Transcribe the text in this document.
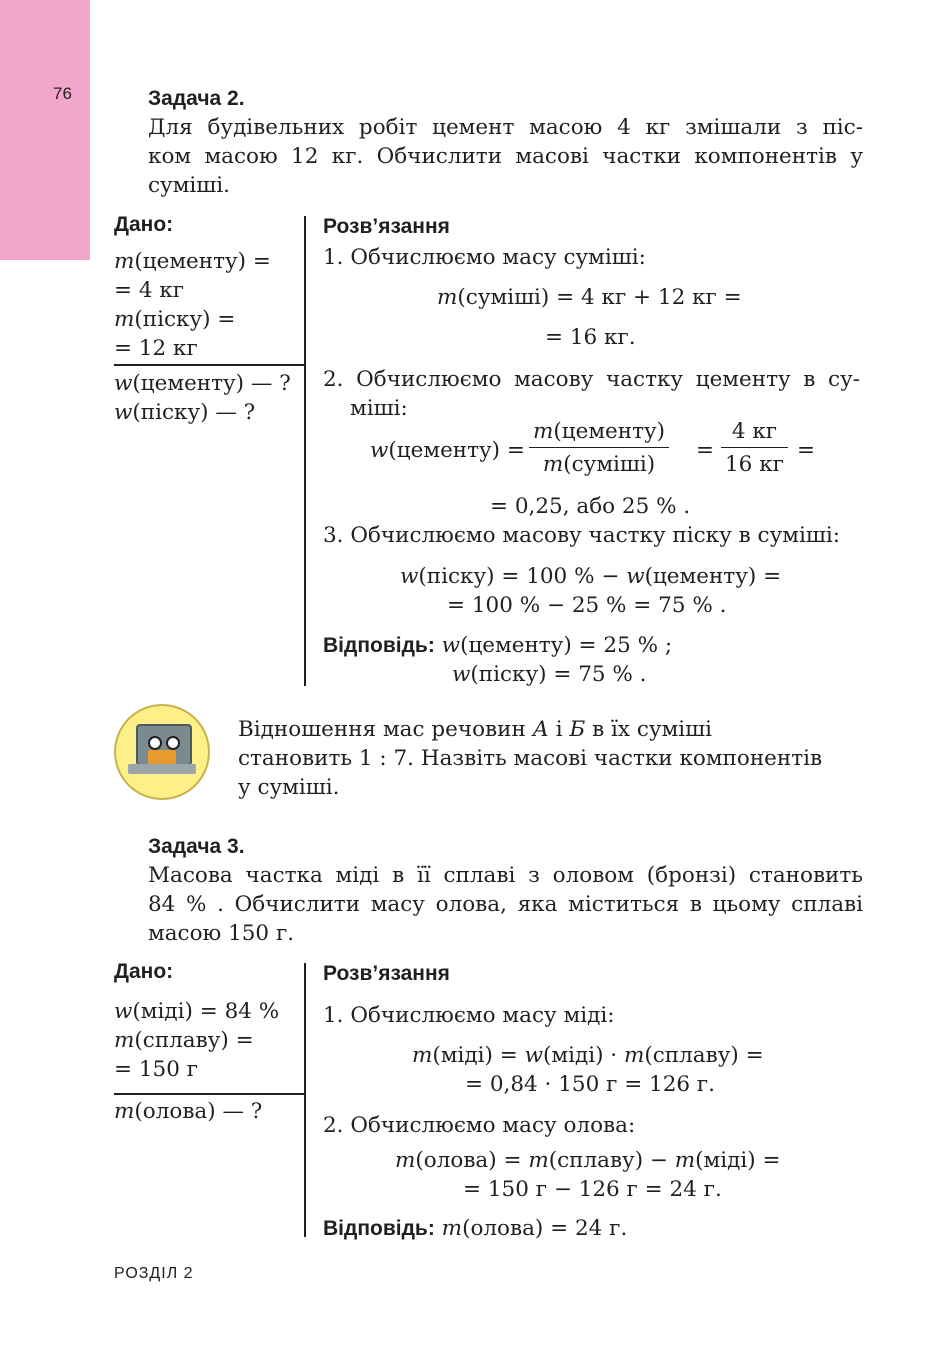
76	Задача 2.
Для будівельних робіт цемент масою 4 кг змішали з піс-
ком масою 12 кг. Обчислити масові частки компонентів у
суміші.
Дано:
m(цементу) =
= 4 кг
m(піску) =
= 12 кг
w(цементу) — ?
w(піску) — ?
Розв’язання
1. Обчислюємо масу суміші:
m(суміші) = 4 кг + 12 кг =
= 16 кг.
2. Обчислюємо масову частку цементу в су-
міші:
w(цементу) =
m(цементу)
m(суміші)
=
4 кг
16 кг
=
= 0,25, або 25 % .
3. Обчислюємо масову частку піску в суміші:
w(піску) = 100 % − w(цементу) =
= 100 % − 25 % = 75 % .
Відповідь: w(цементу) = 25 % ;
w(піску) = 75 % .
Відношення мас речовин А і Б в їх суміші
становить 1 : 7. Назвіть масові частки компонентів
у суміші.
Задача 3.
Масова частка міді в її сплаві з оловом (бронзі) становить
84 % . Обчислити масу олова, яка міститься в цьому сплаві
масою 150 г.
Дано:
w(міді) = 84 %
m(сплаву) =
= 150 г
m(олова) — ?
Розв’язання
1. Обчислюємо масу міді:
m(міді) = w(міді) · m(сплаву) =
= 0,84 · 150 г = 126 г.
2. Обчислюємо масу олова:
m(олова) = m(сплаву) − m(міді) =
= 150 г − 126 г = 24 г.
Відповідь: m(олова) = 24 г.
РОЗДІЛ 2
